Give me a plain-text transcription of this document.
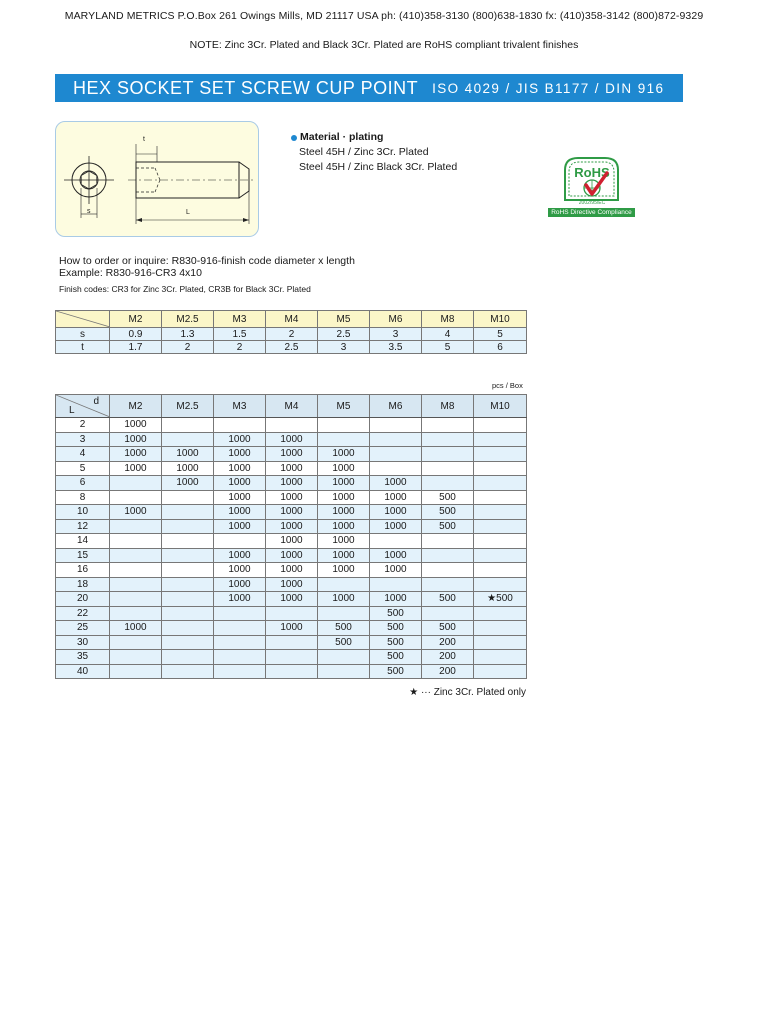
MARYLAND METRICS P.O.Box 261 Owings Mills, MD 21117 USA ph: (410)358-3130 (800)638-1830 fx: (410)358-3142 (800)872-9329
NOTE: Zinc 3Cr. Plated and Black 3Cr. Plated are RoHS compliant trivalent finishes
HEX SOCKET SET SCREW CUP POINT ISO 4029 / JIS B1177 / DIN 916
t
s	L
Material · plating
Steel 45H / Zinc 3Cr. Plated
Steel 45H / Zinc Black 3Cr. Plated	RoHS
2002/95/EC
RoHS Directive Compliance
How to order or inquire: R830-916-finish code diameter x length
Example: R830-916-CR3 4x10
Finish codes: CR3 for Zinc 3Cr. Plated, CR3B for Black 3Cr. Plated
	M2	M2.5	M3	M4	M5	M6	M8	M10
s	0.9	1.3	1.5	2	2.5	3	4	5
t	1.7	2	2	2.5	3	3.5	5	6
pcs / Box
d
L	M2	M2.5	M3	M4	M5	M6	M8	M10
2	1000							
3	1000		1000	1000				
4	1000	1000	1000	1000	1000			
5	1000	1000	1000	1000	1000			
6		1000	1000	1000	1000	1000		
8			1000	1000	1000	1000	500	
10	1000		1000	1000	1000	1000	500	
12			1000	1000	1000	1000	500	
14				1000	1000			
15			1000	1000	1000	1000		
16			1000	1000	1000	1000		
18			1000	1000				
20			1000	1000	1000	1000	500	★500
22						500		
25	1000			1000	500	500	500	
30					500	500	200	
35						500	200	
40						500	200	
★ ··· Zinc 3Cr. Plated only
